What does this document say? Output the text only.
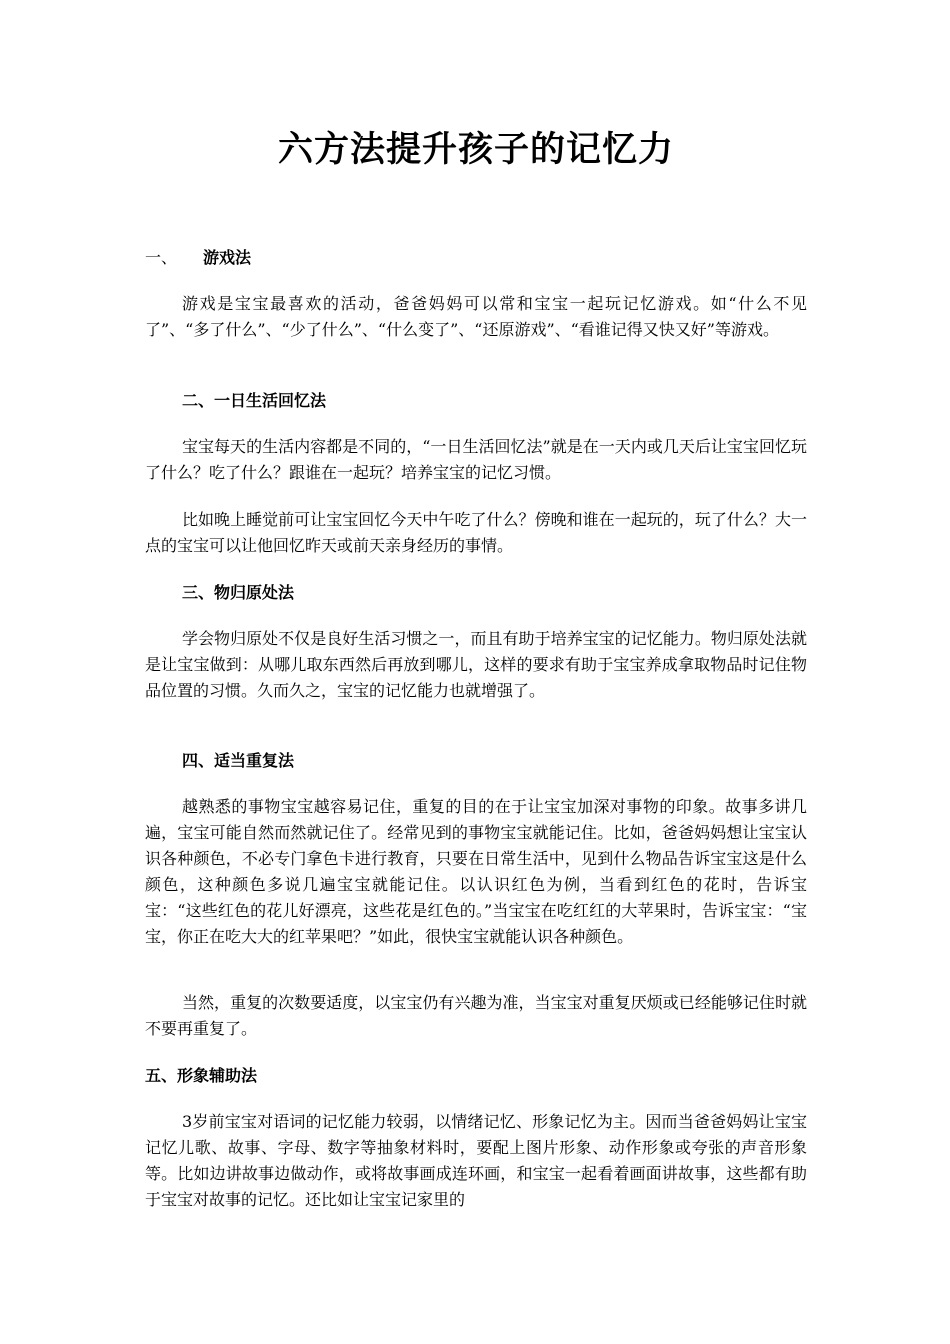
六方法提升孩子的记忆力
一、 游戏法

游戏是宝宝最喜欢的活动，爸爸妈妈可以常和宝宝一起玩记忆游戏。如“什么不见了”、“多了什么”、“少了什么”、“什么变了”、“还原游戏”、“看谁记得又快又好”等游戏。

二、一日生活回忆法

宝宝每天的生活内容都是不同的，“一日生活回忆法”就是在一天内或几天后让宝宝回忆玩了什么？吃了什么？跟谁在一起玩？培养宝宝的记忆习惯。

比如晚上睡觉前可让宝宝回忆今天中午吃了什么？傍晚和谁在一起玩的，玩了什么？大一点的宝宝可以让他回忆昨天或前天亲身经历的事情。

三、物归原处法

学会物归原处不仅是良好生活习惯之一，而且有助于培养宝宝的记忆能力。物归原处法就是让宝宝做到：从哪儿取东西然后再放到哪儿，这样的要求有助于宝宝养成拿取物品时记住物品位置的习惯。久而久之，宝宝的记忆能力也就增强了。

四、适当重复法

越熟悉的事物宝宝越容易记住，重复的目的在于让宝宝加深对事物的印象。故事多讲几遍，宝宝可能自然而然就记住了。经常见到的事物宝宝就能记住。比如，爸爸妈妈想让宝宝认识各种颜色，不必专门拿色卡进行教育，只要在日常生活中，见到什么物品告诉宝宝这是什么颜色，这种颜色多说几遍宝宝就能记住。以认识红色为例，当看到红色的花时，告诉宝宝：“这些红色的花儿好漂亮，这些花是红色的。”当宝宝在吃红红的大苹果时，告诉宝宝：“宝宝，你正在吃大大的红苹果吧？”如此，很快宝宝就能认识各种颜色。

当然，重复的次数要适度，以宝宝仍有兴趣为准，当宝宝对重复厌烦或已经能够记住时就不要再重复了。

五、形象辅助法

3岁前宝宝对语词的记忆能力较弱，以情绪记忆、形象记忆为主。因而当爸爸妈妈让宝宝记忆儿歌、故事、字母、数字等抽象材料时，要配上图片形象、动作形象或夸张的声音形象等。比如边讲故事边做动作，或将故事画成连环画，和宝宝一起看着画面讲故事，这些都有助于宝宝对故事的记忆。还比如让宝宝记家里的
